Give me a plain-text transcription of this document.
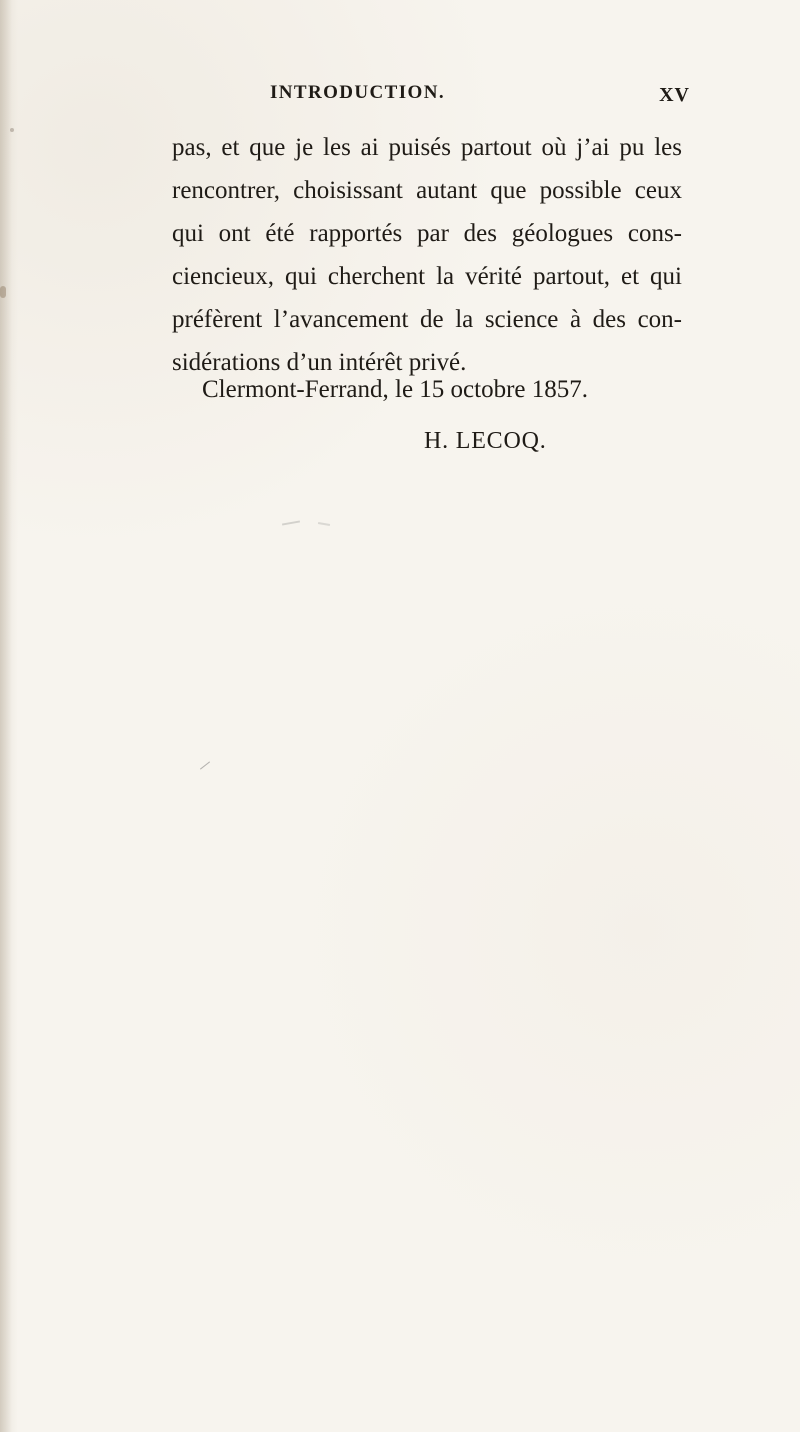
INTRODUCTION.	XV
pas, et que je les ai puisés partout où j’ai pu les
rencontrer, choisissant autant que possible ceux
qui ont été rapportés par des géologues cons-
ciencieux, qui cherchent la vérité partout, et qui
préfèrent l’avancement de la science à des con-
sidérations d’un intérêt privé.
Clermont-Ferrand, le 15 octobre 1857.
H. LECOQ.
